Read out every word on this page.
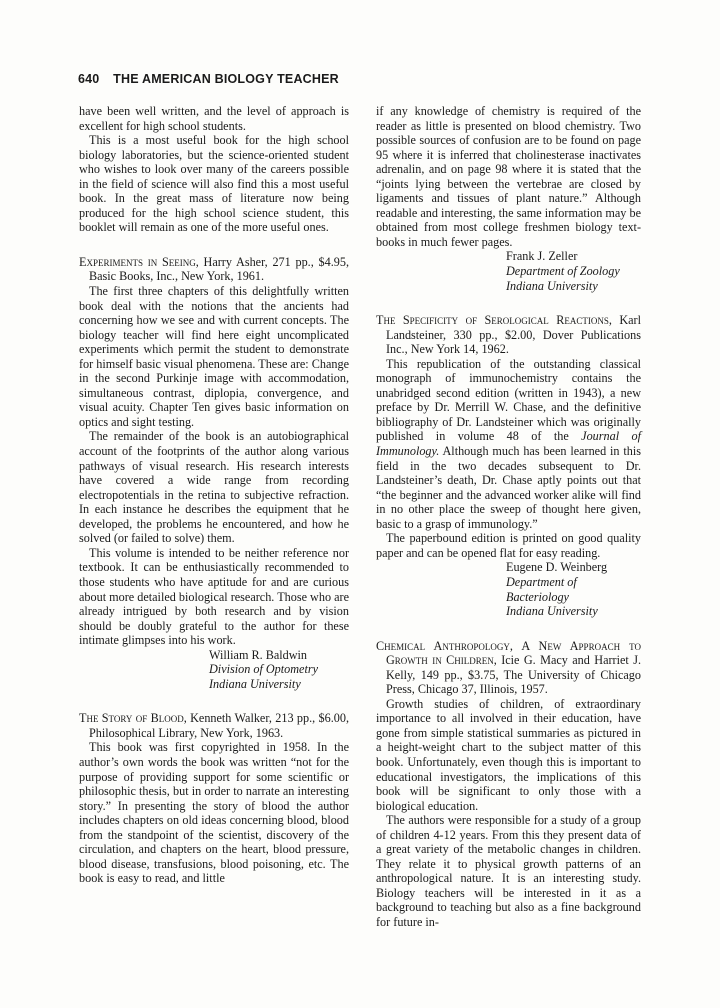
640 THE AMERICAN BIOLOGY TEACHER

have been well written, and the level of approach is excellent for high school students.

This is a most useful book for the high school biology laboratories, but the science-oriented student who wishes to look over many of the careers possible in the field of science will also find this a most useful book. In the great mass of literature now being produced for the high school science student, this booklet will remain as one of the more useful ones.

Experiments in Seeing, Harry Asher, 271 pp., $4.95, Basic Books, Inc., New York, 1961.

The first three chapters of this delightfully written book deal with the notions that the ancients had concerning how we see and with current concepts. The biology teacher will find here eight uncomplicated experiments which permit the student to demonstrate for himself basic visual phenomena. These are: Change in the second Purkinje image with accommodation, simultaneous contrast, diplopia, convergence, and visual acuity. Chapter Ten gives basic information on optics and sight testing.

The remainder of the book is an autobiographical account of the footprints of the author along various pathways of visual research. His research interests have covered a wide range from recording electropotentials in the retina to subjective refraction. In each instance he describes the equipment that he developed, the problems he encountered, and how he solved (or failed to solve) them.

This volume is intended to be neither reference nor textbook. It can be enthusiastically recommended to those students who have aptitude for and are curious about more detailed biological research. Those who are already intrigued by both research and by vision should be doubly grateful to the author for these intimate glimpses into his work.

William R. Baldwin

Division of Optometry

Indiana University

The Story of Blood, Kenneth Walker, 213 pp., $6.00, Philosophical Library, New York, 1963.

This book was first copyrighted in 1958. In the author’s own words the book was written “not for the purpose of providing support for some scientific or philosophic thesis, but in order to narrate an interesting story.” In presenting the story of blood the author includes chapters on old ideas concerning blood, blood from the standpoint of the scientist, discovery of the circulation, and chapters on the heart, blood pressure, blood disease, transfusions, blood poisoning, etc. The book is easy to read, and little

if any knowledge of chemistry is required of the reader as little is presented on blood chemistry. Two possible sources of confusion are to be found on page 95 where it is inferred that cholinesterase inactivates adrenalin, and on page 98 where it is stated that the “joints lying between the vertebrae are closed by ligaments and tissues of plant nature.” Although readable and interesting, the same information may be obtained from most college freshmen biology textbooks in much fewer pages.

Frank J. Zeller

Department of Zoology

Indiana University

The Specificity of Serological Reactions, Karl Landsteiner, 330 pp., $2.00, Dover Publications Inc., New York 14, 1962.

This republication of the outstanding classical monograph of immunochemistry contains the unabridged second edition (written in 1943), a new preface by Dr. Merrill W. Chase, and the definitive bibliography of Dr. Landsteiner which was originally published in volume 48 of the Journal of Immunology. Although much has been learned in this field in the two decades subsequent to Dr. Landsteiner’s death, Dr. Chase aptly points out that “the beginner and the advanced worker alike will find in no other place the sweep of thought here given, basic to a grasp of immunology.”

The paperbound edition is printed on good quality paper and can be opened flat for easy reading.

Eugene D. Weinberg

Department of Bacteriology

Indiana University

Chemical Anthropology, A New Approach to Growth in Children, Icie G. Macy and Harriet J. Kelly, 149 pp., $3.75, The University of Chicago Press, Chicago 37, Illinois, 1957.

Growth studies of children, of extraordinary importance to all involved in their education, have gone from simple statistical summaries as pictured in a height-weight chart to the subject matter of this book. Unfortunately, even though this is important to educational investigators, the implications of this book will be significant to only those with a biological education.

The authors were responsible for a study of a group of children 4-12 years. From this they present data of a great variety of the metabolic changes in children. They relate it to physical growth patterns of an anthropological nature. It is an interesting study. Biology teachers will be interested in it as a background to teaching but also as a fine background for future in-
